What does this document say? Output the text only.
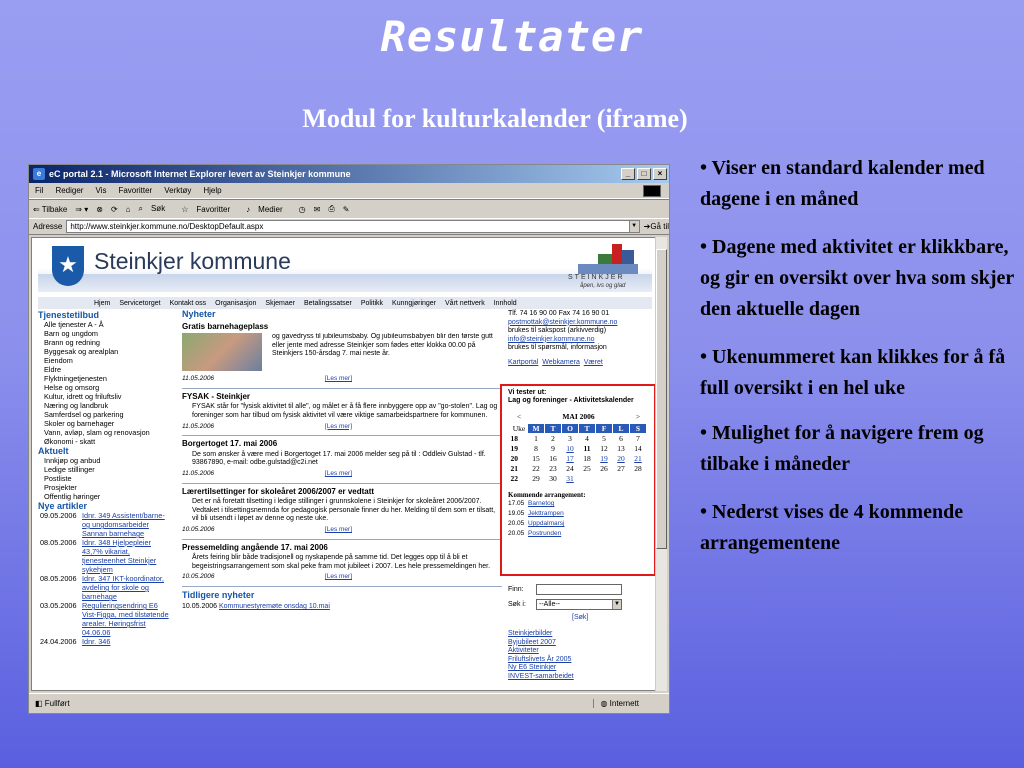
Resultater
Modul for kulturkalender (iframe)

• Viser en standard kalender med dagene i en måned

• Dagene med aktivitet er klikkbare, og gir en oversikt over hva som skjer den aktuelle dagen

• Ukenummeret kan klikkes for å få full oversikt i en hel uke

• Mulighet for å navigere frem og tilbake i måneder

• Nederst vises de 4 kommende arrangementene

e eC portal 2.1 - Microsoft Internet Explorer levert av Steinkjer kommune	_	□	×
Fil Rediger Vis Favoritter Verktøy Hjelp
⇐ Tilbake ⇒ ▾ ⊗ ⟳ ⌂ ⌕ Søk	☆ Favoritter	♪ Medier	◷ ✉ ⎙ ✎
Adresse http://www.steinkjer.kommune.no/DesktopDefault.aspx	▼ ➔Gå til
★ Steinkjer kommune
STEINKJER
åpen, ivs og glad
Hjem Servicetorget Kontakt oss Organisasjon Skjemaer Betalingssatser Politikk Kunngjøringer Vårt nettverk Innhold
Tjenestetilbud
Alle tjenester A - Å
Barn og ungdom
Brann og redning
Byggesak og arealplan
Eiendom
Eldre
Flyktningetjenesten
Helse og omsorg
Kultur, idrett og friluftsliv
Næring og landbruk
Samferdsel og parkering
Skoler og barnehager
Vann, avløp, slam og renovasjon
Økonomi - skatt
Aktuelt
Innkjøp og anbud
Ledige stillinger
Postliste
Prosjekter
Offentlig høringer
Nye artikler
09.05.2006 Idnr. 349 Assistent/barne- og ungdomsarbeider Sannan barnehage
08.05.2006 Idnr. 348 Hjelpepleier 43,7% vikariat, tjenesteenhet Steinkjer sykehjem
08.05.2006 Idnr. 347 IKT-koordinator, avdeling for skole og barnehage
03.05.2006 Regulieringsendring E6 Vist-Figga, med tilstøtende arealer. Høringsfrist 04.06.06
24.04.2006 Idnr. 346
Nyheter
Gratis barnehageplass
og gavedryss til jubileumsbaby. Og jubileumsbabyen blir den første gutt eller jente med adresse Steinkjer som fødes etter klokka 00.00 på Steinkjers 150-årsdag 7. mai neste år.
11.05.2006	[Les mer]
FYSAK - Steinkjer
FYSAK står for "fysisk aktivitet til alle", og målet er å få flere innbyggere opp av "go-stolen". Lag og foreninger som har tilbud om fysisk aktivitet vil være viktige samarbeidspartnere for kommunen.
11.05.2006	[Les mer]
Borgertoget 17. mai 2006
De som ønsker å være med i Borgertoget 17. mai 2006 melder seg på til : Oddleiv Gulstad - tlf. 93867890, e-mail: odbe.gulstad@c2i.net
11.05.2006	[Les mer]
Lærertilsettinger for skoleåret 2006/2007 er vedtatt
Det er nå foretatt tilsetting i ledige stillinger i grunnskolene i Steinkjer for skoleåret 2006/2007. Vedtaket i tilsettingsnemnda for pedagogisk personale finner du her. Melding til dem som er tilsatt, vil bli utsendt i løpet av denne og neste uke.
10.05.2006	[Les mer]
Pressemelding angående 17. mai 2006
Årets feiring blir både tradisjonell og nyskapende på samme tid. Det legges opp til å bli et begeistringsarrangement som skal peke fram mot jubileet i 2007. Les hele pressemeldingen her.
10.05.2006	[Les mer]
Tidligere nyheter
10.05.2006 Kommunestyremøte onsdag 10.mai
Tlf. 74 16 90 00 Fax 74 16 90 01
postmottak@steinkjer.kommune.no
brukes til sakspost (arkivverdig)
info@steinkjer.kommune.no
brukes til spørsmål, informasjon
Kartportal Webkamera Været
Vi tester ut:
Lag og foreninger - Aktivitetskalender
<	MAI 2006						>
Uke	M	T	O	T	F	L	S
18	1	2	3	4	5	6	7
19	8	9	10	11	12	13	14
20	15	16	17	18	19	20	21
21	22	23	24	25	26	27	28
22	29	30	31				
Kommende arrangement:
17.05 Barnetog
19.05 Jekttrampen
20.05 Uppdalmarsj
20.05 Postrunden
Finn:
Søk i:	--Alle--	▼
[Søk]
Steinkjerbilder
Byjubileet 2007
Aktiviteter
Friluftslivets År 2005
Ny E6 Steinkjer
INVEST-samarbeidet
◧ Fullført	◍ Internett
